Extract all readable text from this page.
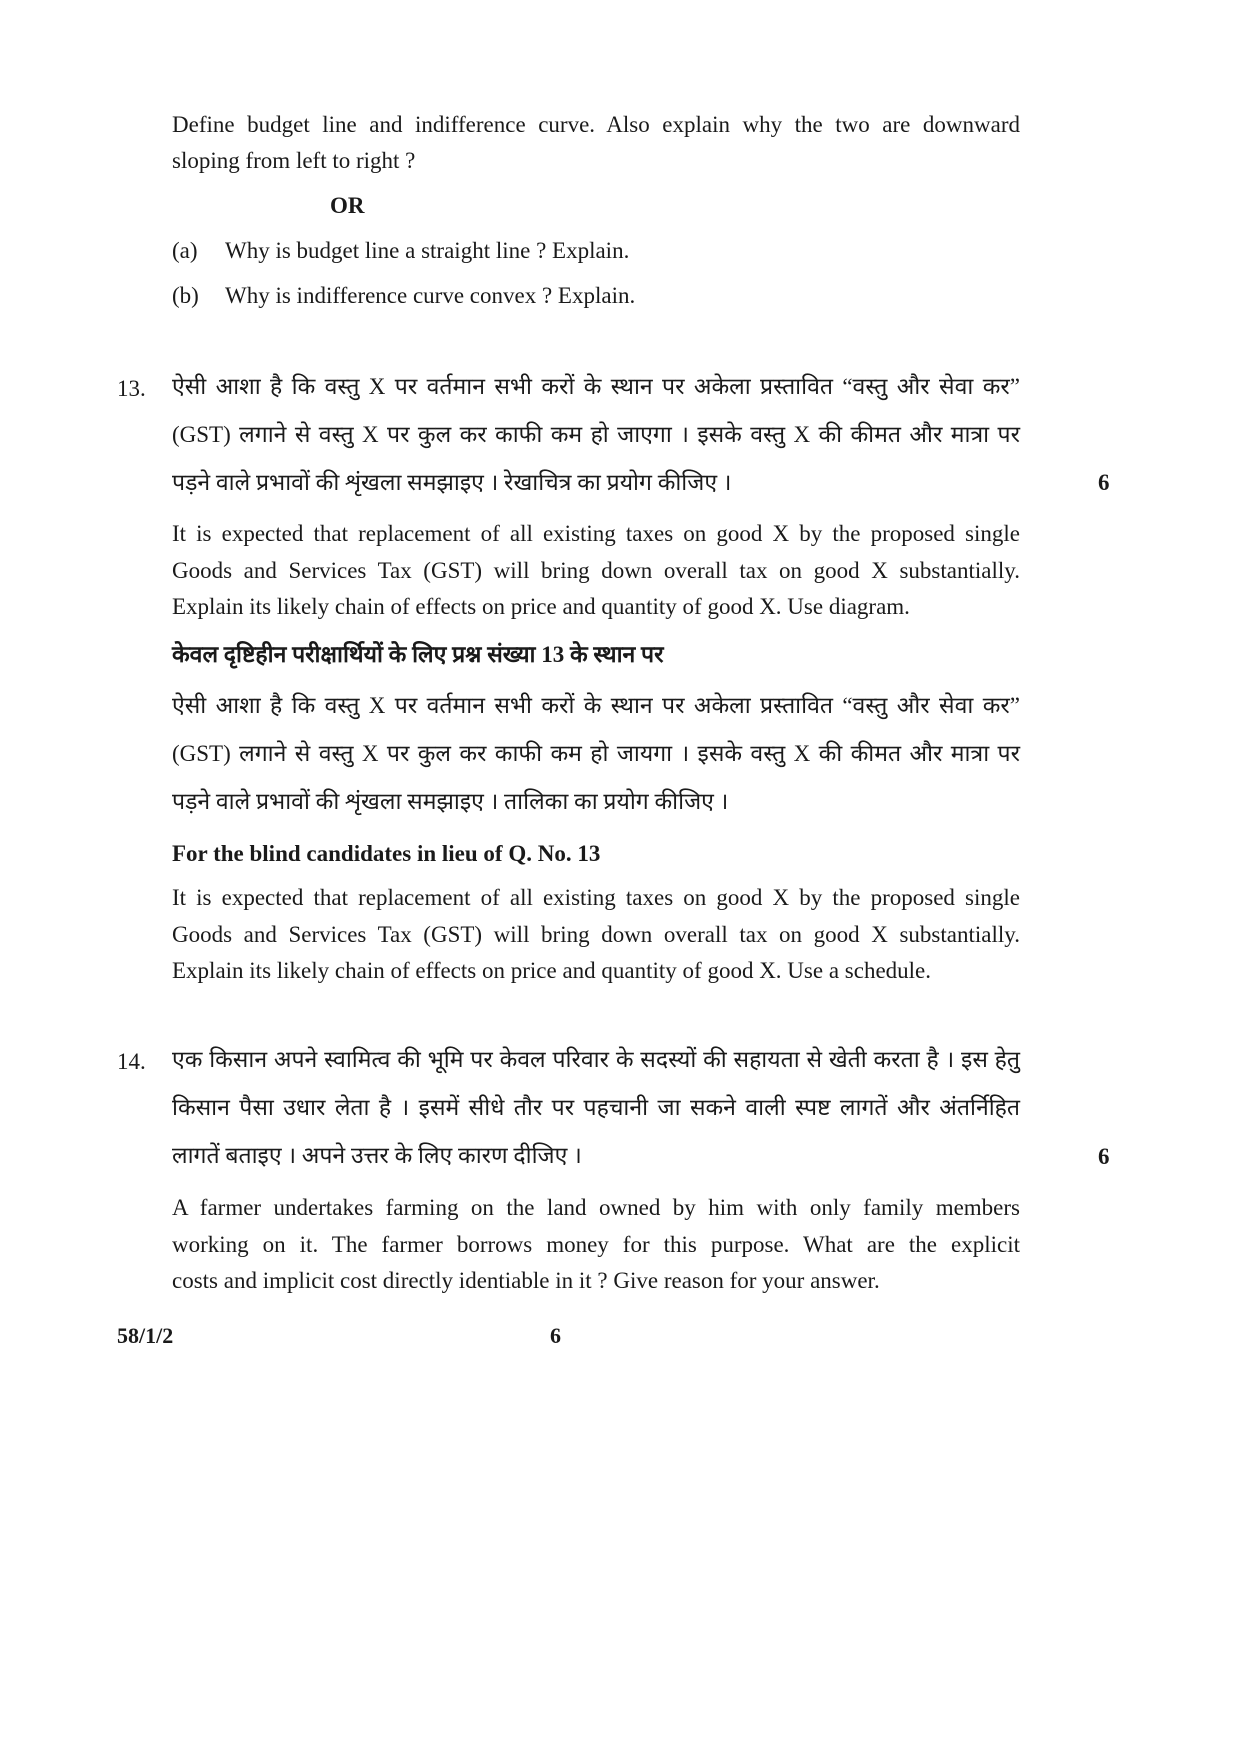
Define budget line and indifference curve. Also explain why the two are downward
sloping from left to right ?
OR
(a) Why is budget line a straight line ? Explain.
(b) Why is indifference curve convex ? Explain.
13. ऐसी आशा है कि वस्तु X पर वर्तमान सभी करों के स्थान पर अकेला प्रस्तावित “वस्तु और सेवा कर”
(GST) लगाने से वस्तु X पर कुल कर काफी कम हो जाएगा । इसके वस्तु X की कीमत और मात्रा पर
पड़ने वाले प्रभावों की शृंखला समझाइए । रेखाचित्र का प्रयोग कीजिए ।	6
It is expected that replacement of all existing taxes on good X by the proposed single
Goods and Services Tax (GST) will bring down overall tax on good X substantially.
Explain its likely chain of effects on price and quantity of good X. Use diagram.
केवल दृष्टिहीन परीक्षार्थियों के लिए प्रश्न संख्या 13 के स्थान पर
ऐसी आशा है कि वस्तु X पर वर्तमान सभी करों के स्थान पर अकेला प्रस्तावित “वस्तु और सेवा कर”
(GST) लगाने से वस्तु X पर कुल कर काफी कम हो जायगा । इसके वस्तु X की कीमत और मात्रा पर
पड़ने वाले प्रभावों की शृंखला समझाइए । तालिका का प्रयोग कीजिए ।
For the blind candidates in lieu of Q. No. 13
It is expected that replacement of all existing taxes on good X by the proposed single
Goods and Services Tax (GST) will bring down overall tax on good X substantially.
Explain its likely chain of effects on price and quantity of good X. Use a schedule.
14. एक किसान अपने स्वामित्व की भूमि पर केवल परिवार के सदस्यों की सहायता से खेती करता है । इस हेतु
किसान पैसा उधार लेता है । इसमें सीधे तौर पर पहचानी जा सकने वाली स्पष्ट लागतें और अंतर्निहित
लागतें बताइए । अपने उत्तर के लिए कारण दीजिए ।	6
A farmer undertakes farming on the land owned by him with only family members
working on it. The farmer borrows money for this purpose. What are the explicit
costs and implicit cost directly identiable in it ? Give reason for your answer.
58/1/2	6
